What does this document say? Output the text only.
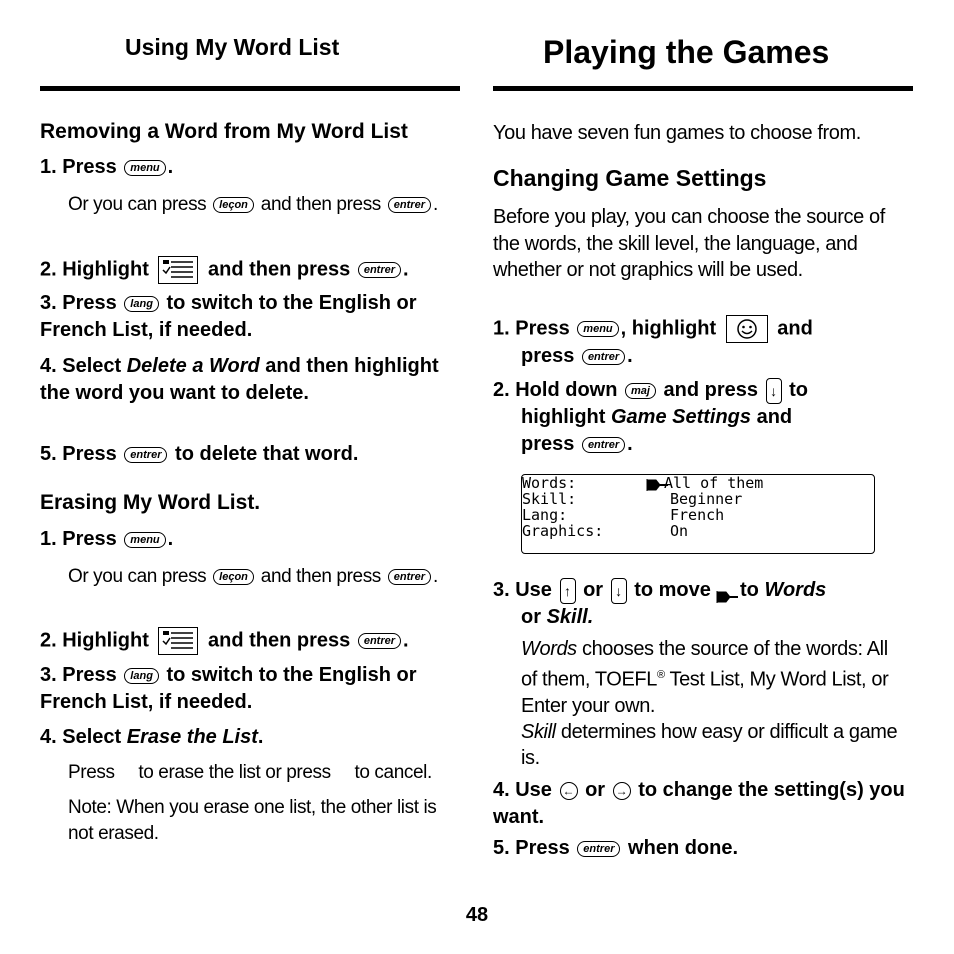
Using My Word List
Removing a Word from My Word List
1. Press menu .
Or you can press leçon and then press entrer .
2. Highlight	and then press entrer .
3. Press lang to switch to the English or French List, if needed.
4. Select Delete a Word and then highlight the word you want to delete.
5. Press entrer to delete that word.
Erasing My Word List.
1. Press menu .
Or you can press leçon and then press entrer .
2. Highlight	and then press entrer .
3. Press lang to switch to the English or French List, if needed.
4. Select Erase the List.
Press to erase the list or press to cancel.
Note: When you erase one list, the other list is not erased.
Playing the Games
You have seven fun games to choose from.
Changing Game Settings
Before you play, you can choose the source of the words, the skill level, the language, and whether or not graphics will be used.
1. Press menu , highlight	and
press entrer .
2. Hold down maj and press ↓ to
highlight Game Settings and
press entrer .
Words:	All of them
Skill:	Beginner
Lang:	French
Graphics:	On
3. Use ↑ or ↓ to move to Words
or Skill.
Words chooses the source of the words: All of them, TOEFL® Test List, My Word List, or Enter your own.
Skill determines how easy or difficult a game is.
4. Use ← or → to change the setting(s) you want.
5. Press entrer when done.
48
